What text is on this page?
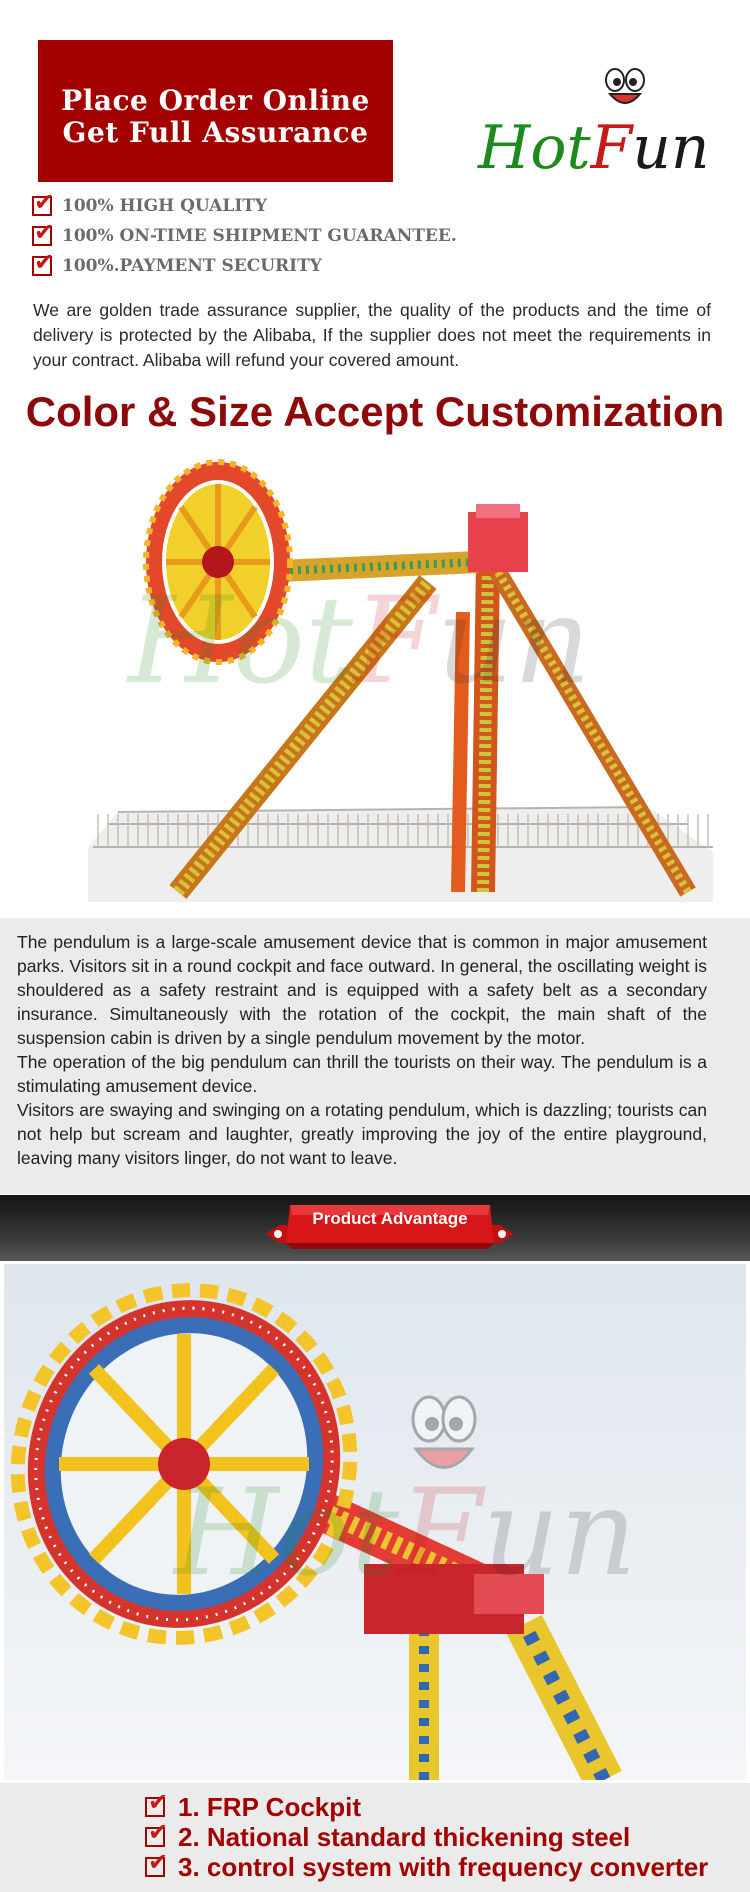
Place Order Online
Get Full Assurance	HotFun
✔ 100% HIGH QUALITY
✔ 100% ON-TIME SHIPMENT GUARANTEE.
✔ 100%.PAYMENT SECURITY
We are golden trade assurance supplier, the quality of the products and the time of delivery is protected by the Alibaba, If the supplier does not meet the requirements in your contract. Alibaba will refund your covered amount.
Color & Size Accept Customization
HotFun

The pendulum is a large-scale amusement device that is common in major amusement parks. Visitors sit in a round cockpit and face outward. In general, the oscillating weight is shouldered as a safety restraint and is equipped with a safety belt as a secondary insurance. Simultaneously with the rotation of the cockpit, the main shaft of the suspension cabin is driven by a single pendulum movement by the motor.

The operation of the big pendulum can thrill the tourists on their way. The pendulum is a stimulating amusement device.

Visitors are swaying and swinging on a rotating pendulum, which is dazzling; tourists can not help but scream and laughter, greatly improving the joy of the entire playground, leaving many visitors linger, do not want to leave.

Product Advantage
HotFun
✔ 1. FRP Cockpit
✔ 2. National standard thickening steel
✔ 3. control system with frequency converter
